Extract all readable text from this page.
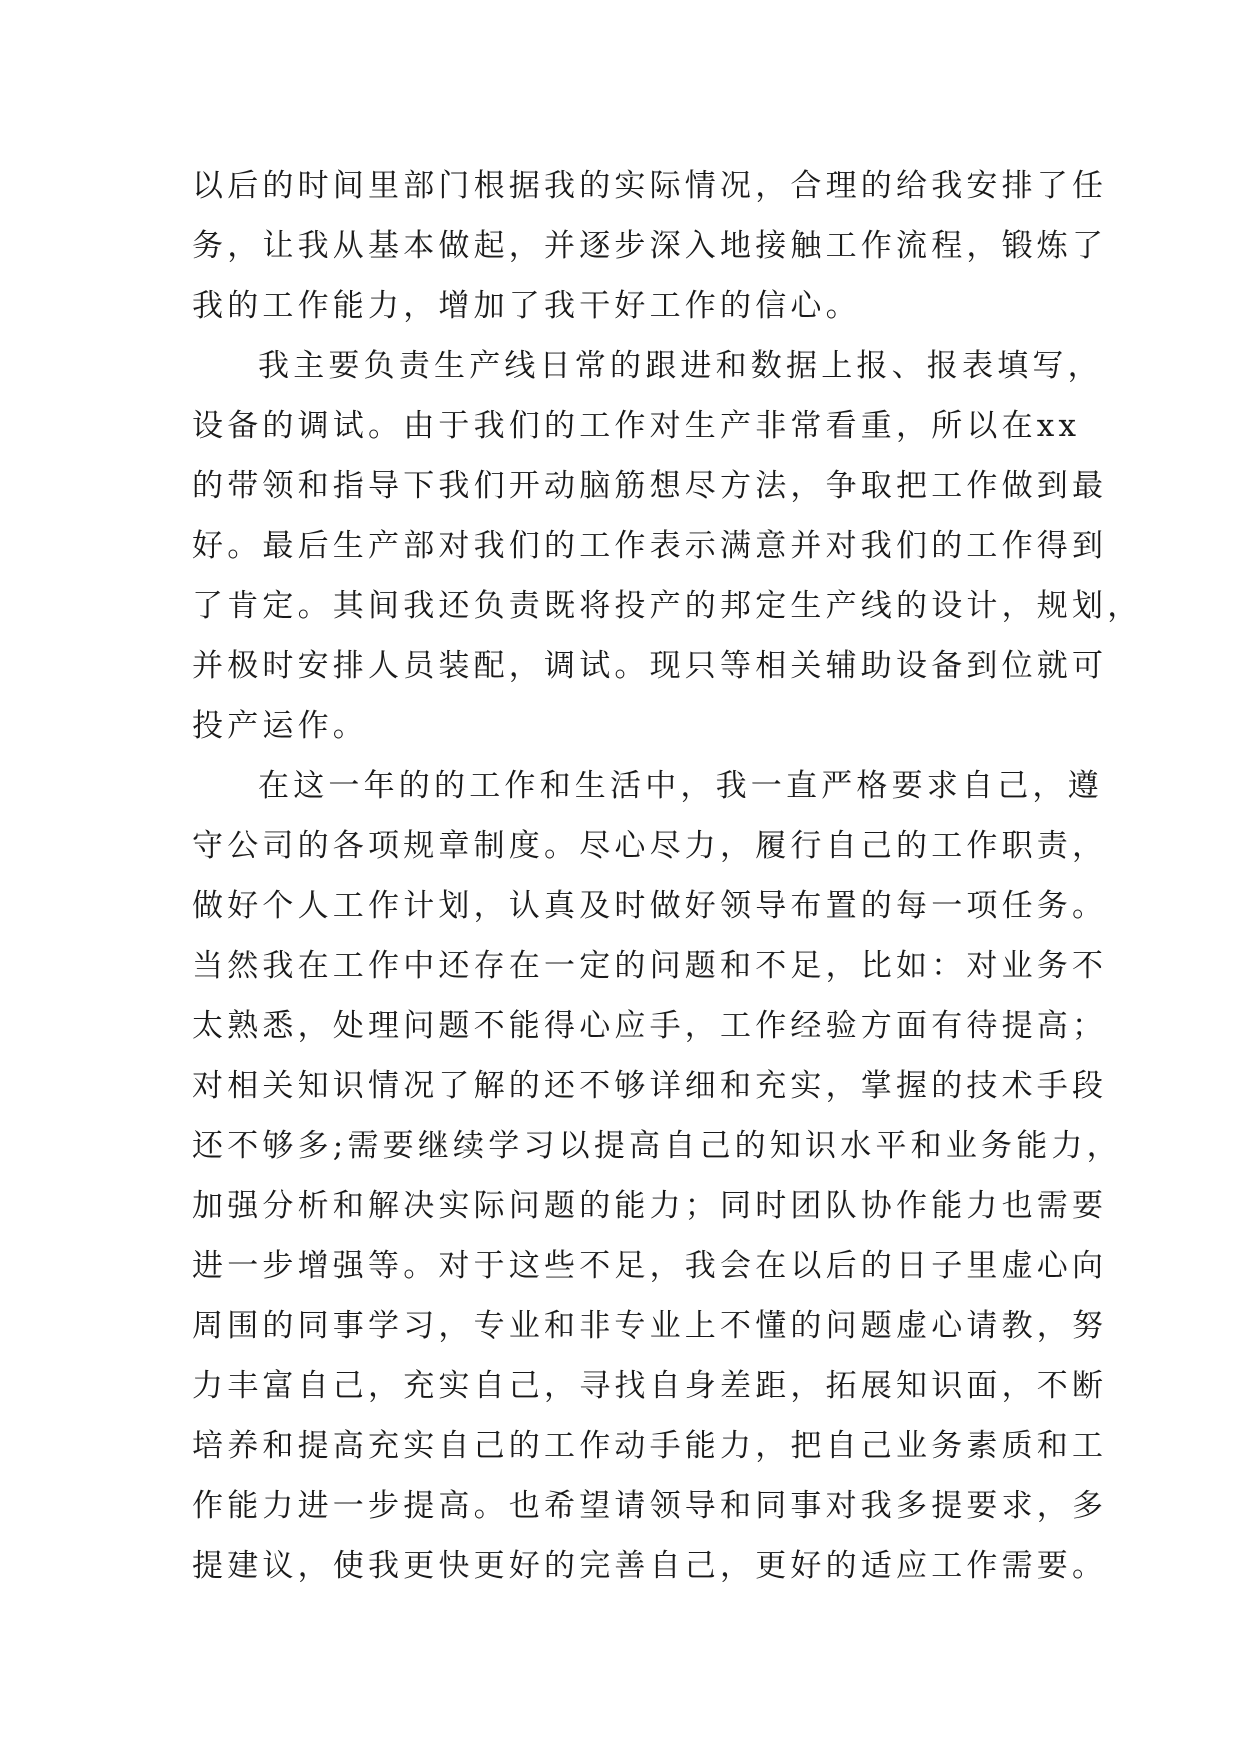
以后的时间里部门根据我的实际情况，合理的给我安排了任
务，让我从基本做起，并逐步深入地接触工作流程，锻炼了
我的工作能力，增加了我干好工作的信心。
我主要负责生产线日常的跟进和数据上报、报表填写，
设备的调试。由于我们的工作对生产非常看重，所以在xx
的带领和指导下我们开动脑筋想尽方法，争取把工作做到最
好。最后生产部对我们的工作表示满意并对我们的工作得到
了肯定。其间我还负责既将投产的邦定生产线的设计，规划，
并极时安排人员装配，调试。现只等相关辅助设备到位就可
投产运作。
在这一年的的工作和生活中，我一直严格要求自己，遵
守公司的各项规章制度。尽心尽力，履行自己的工作职责，
做好个人工作计划，认真及时做好领导布置的每一项任务。
当然我在工作中还存在一定的问题和不足，比如：对业务不
太熟悉，处理问题不能得心应手，工作经验方面有待提高；
对相关知识情况了解的还不够详细和充实，掌握的技术手段
还不够多;需要继续学习以提高自己的知识水平和业务能力，
加强分析和解决实际问题的能力；同时团队协作能力也需要
进一步增强等。对于这些不足，我会在以后的日子里虚心向
周围的同事学习，专业和非专业上不懂的问题虚心请教，努
力丰富自己，充实自己，寻找自身差距，拓展知识面，不断
培养和提高充实自己的工作动手能力，把自己业务素质和工
作能力进一步提高。也希望请领导和同事对我多提要求，多
提建议，使我更快更好的完善自己，更好的适应工作需要。
